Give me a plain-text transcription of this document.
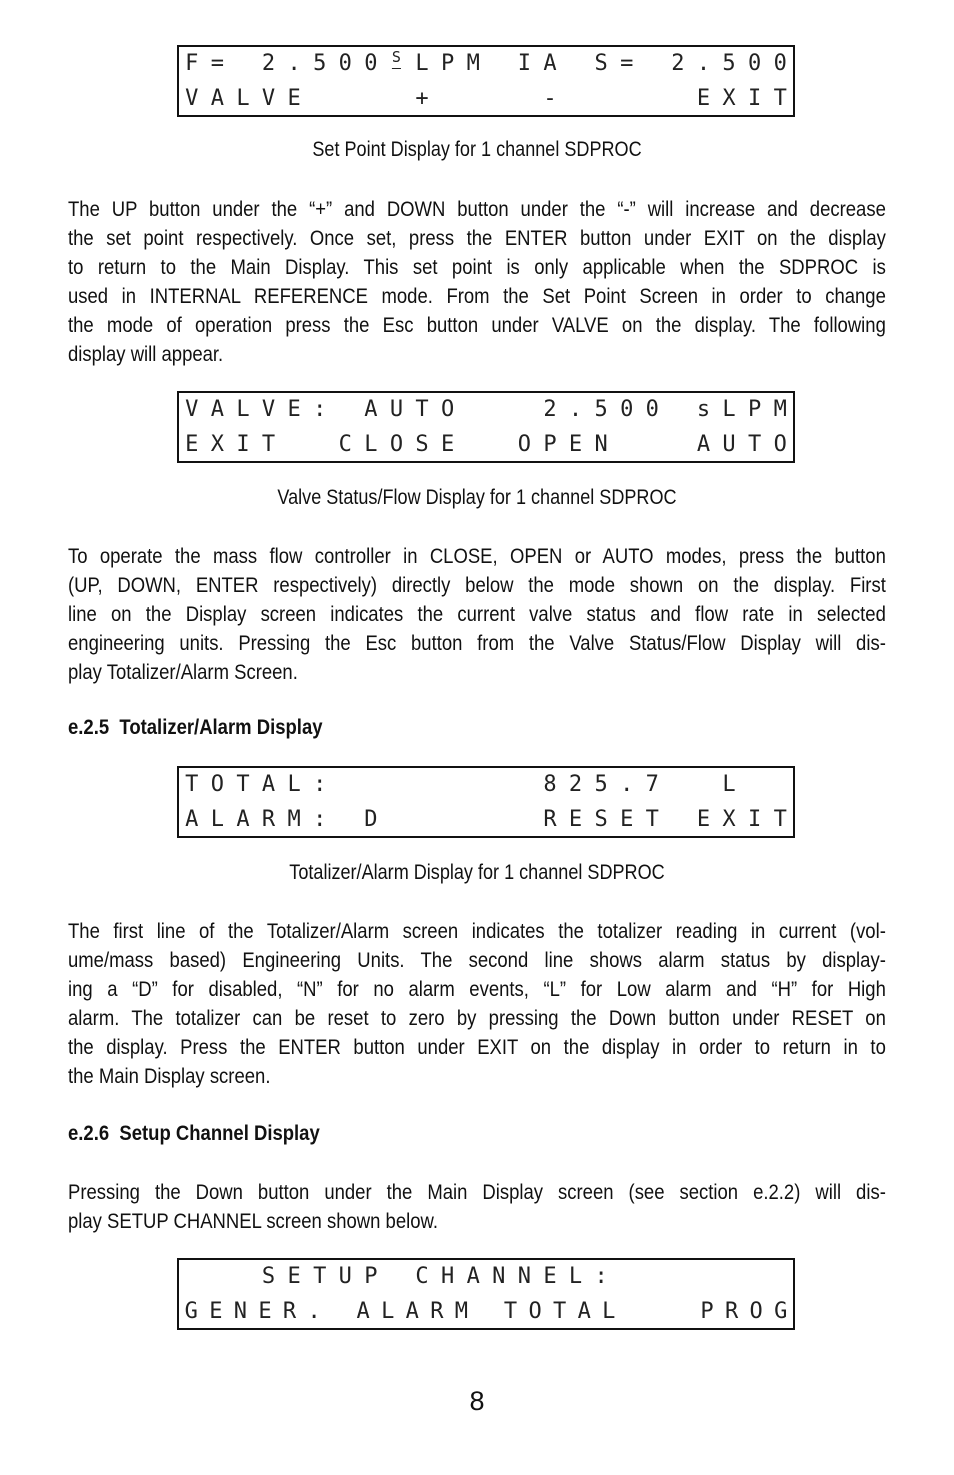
F = 2 . 5 0 0 S L P M I A S = 2 . 5 0 0
V A L V E	+	-	E X I T
Set Point Display for 1 channel SDPROC
The UP button under the “+” and DOWN button under the “-” will increase and decrease
the set point respectively. Once set, press the ENTER button under EXIT on the display
to return to the Main Display. This set point is only applicable when the SDPROC is
used in INTERNAL REFERENCE mode. From the Set Point Screen in order to change
the mode of operation press the Esc button under VALVE on the display. The following
display will appear.
V A L V E : A U T O	2 . 5 0 0 s L P M
E X I T	C L O S E	O P E N	A U T O
Valve Status/Flow Display for 1 channel SDPROC
To operate the mass flow controller in CLOSE, OPEN or AUTO modes, press the button
(UP, DOWN, ENTER respectively) directly below the mode shown on the display. First
line on the Display screen indicates the current valve status and flow rate in selected
engineering units. Pressing the Esc button from the Valve Status/Flow Display will dis-
play Totalizer/Alarm Screen.
e.2.5  Totalizer/Alarm Display
T O T A L :	8 2 5 . 7	L
A L A R M : D	R E S E T E X I T
Totalizer/Alarm Display for 1 channel SDPROC
The first line of the Totalizer/Alarm screen indicates the totalizer reading in current (vol-
ume/mass based) Engineering Units. The second line shows alarm status by display-
ing a “D” for disabled, “N” for no alarm events, “L” for Low alarm and “H” for High
alarm. The totalizer can be reset to zero by pressing the Down button under RESET on
the display. Press the ENTER button under EXIT on the display in order to return in to
the Main Display screen.
e.2.6  Setup Channel Display
Pressing the Down button under the Main Display screen (see section e.2.2) will dis-
play SETUP CHANNEL screen shown below.
S E T U P C H A N N E L :
G E N E R . A L A R M T O T A L	P R O G
8
